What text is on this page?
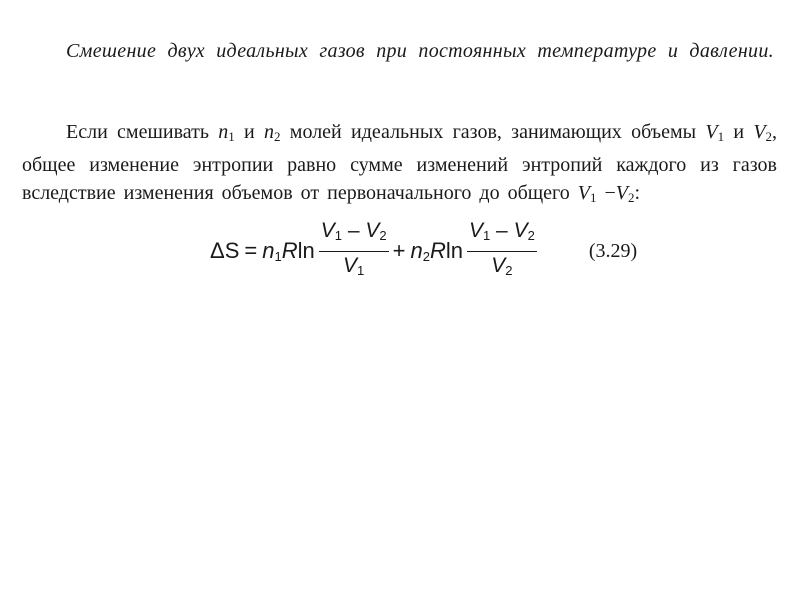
Смешение двух идеальных газов при постоянных температуре и давлении.
Если смешивать $n_1$ и $n_2$ молей идеальных газов, занимающих объемы $V_1$ и $V_2$, общее изменение энтропии равно сумме изменений энтропий каждого из газов вследствие изменения объемов от первоначального до общего $V_1 -V_2$:
$\Delta S = n_1$ R $\ln \frac{V_1 - V_2}{V_1} + n_2$ R $\ln \frac{V_1 - V_2}{V_2}$	(3.29)
